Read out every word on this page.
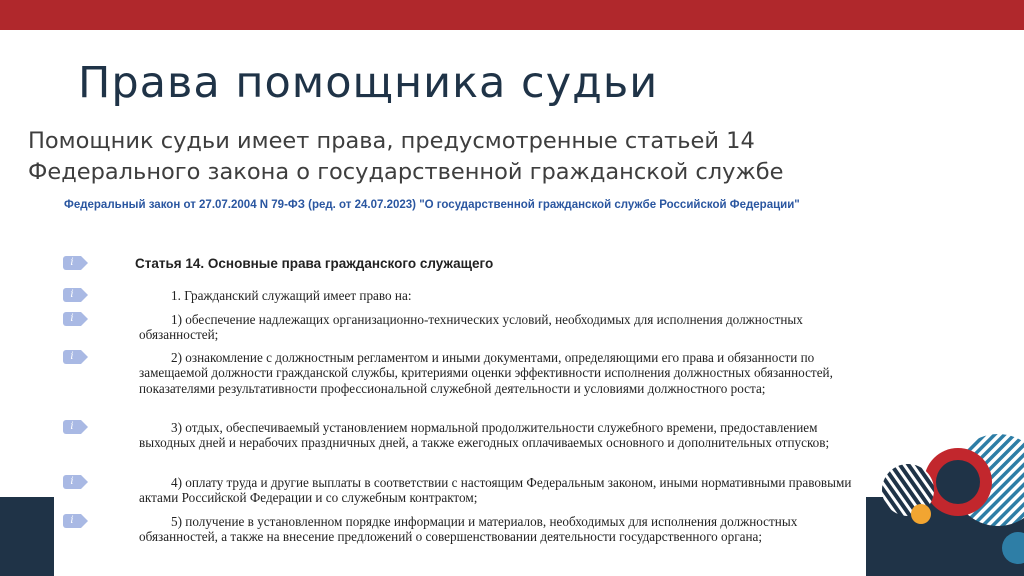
Права помощника судьи
Помощник судьи имеет права, предусмотренные статьей 14 Федерального закона о государственной гражданской службе
Федеральный закон от 27.07.2004 N 79-ФЗ (ред. от 24.07.2023) "О государственной гражданской службе Российской Федерации"
i	Статья 14. Основные права гражданского служащего
i	1. Гражданский служащий имеет право на:
i	1) обеспечение надлежащих организационно-технических условий, необходимых для исполнения должностных обязанностей;
i	2) ознакомление с должностным регламентом и иными документами, определяющими его права и обязанности по замещаемой должности гражданской службы, критериями оценки эффективности исполнения должностных обязанностей, показателями результативности профессиональной служебной деятельности и условиями должностного роста;
i	3) отдых, обеспечиваемый установлением нормальной продолжительности служебного времени, предоставлением выходных дней и нерабочих праздничных дней, а также ежегодных оплачиваемых основного и дополнительных отпусков;
i	4) оплату труда и другие выплаты в соответствии с настоящим Федеральным законом, иными нормативными правовыми актами Российской Федерации и со служебным контрактом;
i	5) получение в установленном порядке информации и материалов, необходимых для исполнения должностных обязанностей, а также на внесение предложений о совершенствовании деятельности государственного органа;
